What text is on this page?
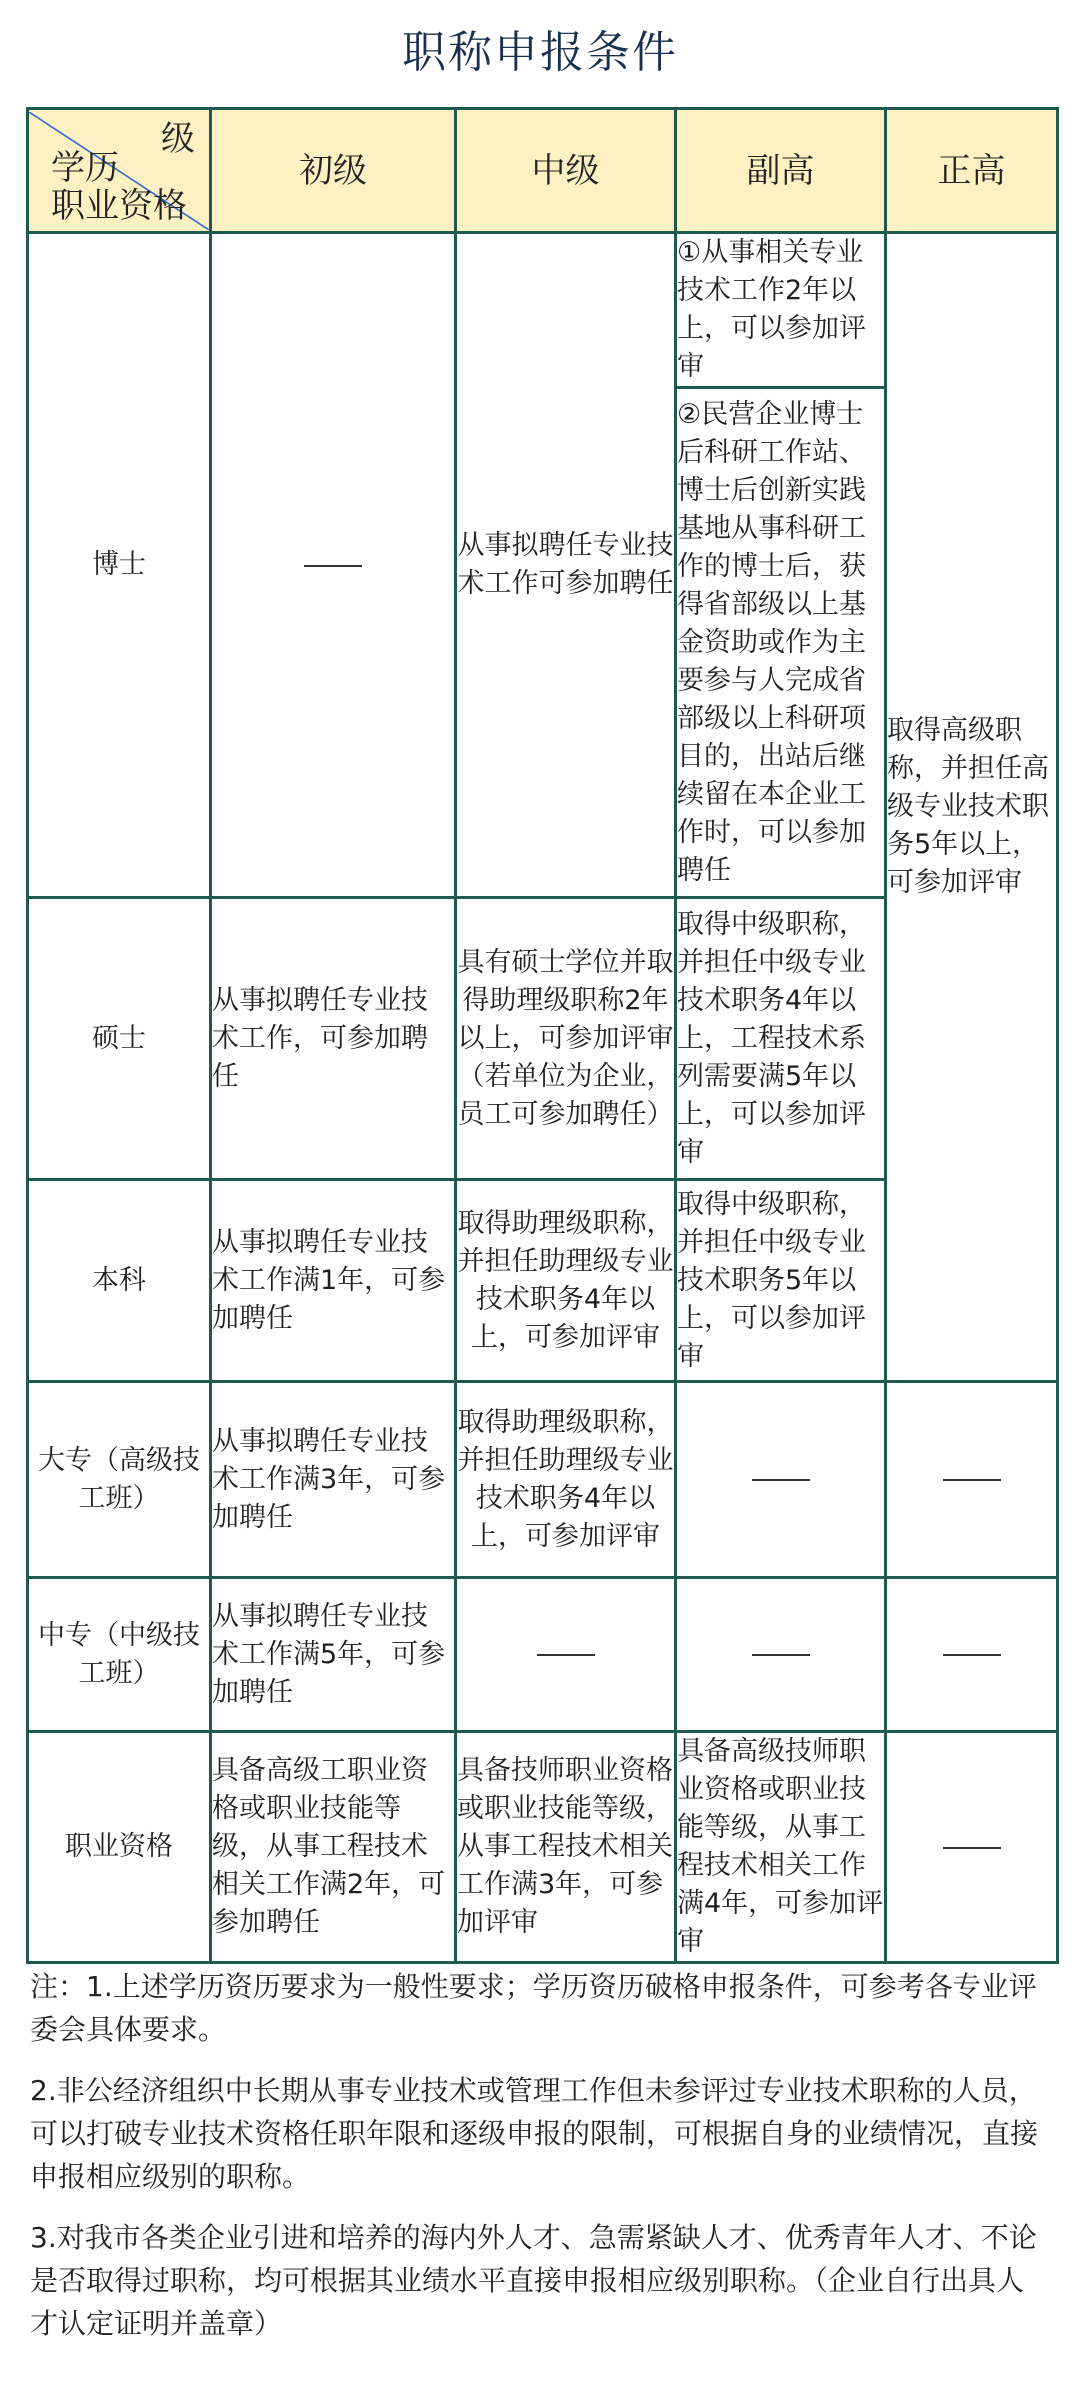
职称申报条件
级
学历
职业资格	初级	中级	副高	正高
博士		从事拟聘任专业技术工作可参加聘任	①从事相关专业技术工作2年以上，可以参加评审	取得高级职称，并担任高级专业技术职务5年以上，可参加评审
			②民营企业博士后科研工作站、博士后创新实践基地从事科研工作的博士后，获得省部级以上基金资助或作为主要参与人完成省部级以上科研项目的，出站后继续留在本企业工作时，可以参加聘任	
硕士	从事拟聘任专业技术工作，可参加聘任	具有硕士学位并取得助理级职称2年以上，可参加评审（若单位为企业，员工可参加聘任）	取得中级职称，并担任中级专业技术职务4年以上，工程技术系列需要满5年以上，可以参加评审	
本科	从事拟聘任专业技术工作满1年，可参加聘任	取得助理级职称，并担任助理级专业技术职务4年以上，可参加评审	取得中级职称，并担任中级专业技术职务5年以上，可以参加评审	
大专（高级技工班）	从事拟聘任专业技术工作满3年，可参加聘任	取得助理级职称，并担任助理级专业技术职务4年以上，可参加评审		
中专（中级技工班）	从事拟聘任专业技术工作满5年，可参加聘任			
职业资格	具备高级工职业资格或职业技能等级，从事工程技术相关工作满2年，可参加聘任	具备技师职业资格或职业技能等级，从事工程技术相关工作满3年，可参加评审	具备高级技师职业资格或职业技能等级，从事工程技术相关工作满4年，可参加评审	

注：1.上述学历资历要求为一般性要求；学历资历破格申报条件，可参考各专业评委会具体要求。

2.非公经济组织中长期从事专业技术或管理工作但未参评过专业技术职称的人员，可以打破专业技术资格任职年限和逐级申报的限制，可根据自身的业绩情况，直接申报相应级别的职称。

3.对我市各类企业引进和培养的海内外人才、急需紧缺人才、优秀青年人才、不论是否取得过职称，均可根据其业绩水平直接申报相应级别职称。（企业自行出具人才认定证明并盖章）
